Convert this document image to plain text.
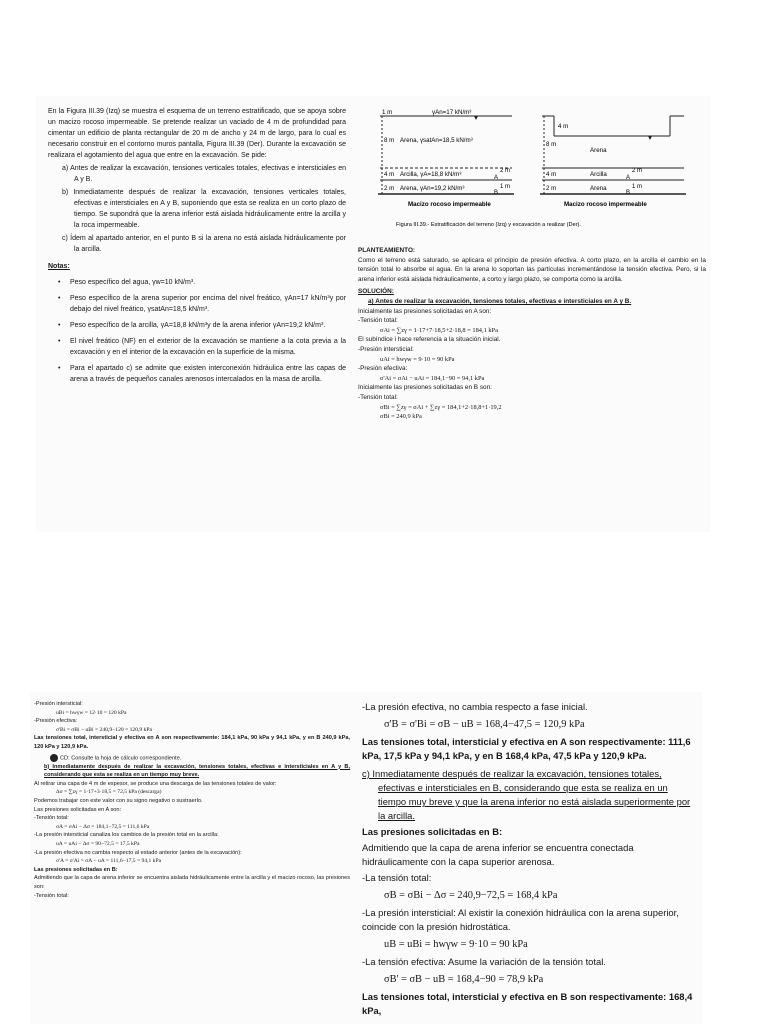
En la Figura III.39 (Izq) se muestra el esquema de un terreno estratificado, que se apoya sobre un macizo rocoso impermeable. Se pretende realizar un vaciado de 4 m de profundidad para cimentar un edificio de planta rectangular de 20 m de ancho y 24 m de largo, para lo cual es necesario construir en el contorno muros pantalla, Figura III.39 (Der). Durante la excavación se realizara el agotamiento del agua que entre en la excavación. Se pide:

a) Antes de realizar la excavación, tensiones verticales totales, efectivas e intersticiales en A y B.

b) Inmediatamente después de realizar la excavación, tensiones verticales totales, efectivas e intersticiales en A y B, suponiendo que esta se realiza en un corto plazo de tiempo. Se supondrá que la arena inferior está aislada hidráulicamente entre la arcilla y la roca impermeable.

c) Ídem al apartado anterior, en el punto B si la arena no está aislada hidráulicamente por la arcilla.

Notas:

• Peso específico del agua, γw=10 kN/m³.
• Peso específico de la arena superior por encima del nivel freático, γAn=17 kN/m³y por debajo del nivel freático, γsatAn=18,5 kN/m³.
• Peso específico de la arcilla, γA=18,8 kN/m³y de la arena inferior γAn=19,2 kN/m³.
• El nivel freático (NF) en el exterior de la excavación se mantiene a la cota previa a la excavación y en el interior de la excavación en la superficie de la misma.
• Para el apartado c) se admite que existen interconexión hidráulica entre las capas de arena a través de pequeños canales arenosos intercalados en la masa de arcilla.
1 m	γAn=17 kN/m³
8 m Arena, γsatAn=18,5 kN/m³
4 m Arcilla, γA=18,8 kN/m³	2 m
A
2 m Arena, γAn=19,2 kN/m³	1 m
B
Macizo rocoso impermeable
4 m
8 m
Arena
4 m	Arcilla	2 m
A
2 m	Arena	1 m
B
Macizo rocoso impermeable
Figura III.39.- Estratificación del terreno (Izq) y excavación a realizar (Der).

PLANTEAMIENTO:

Como el terreno está saturado, se aplicara el principio de presión efectiva. A corto plazo, en la arcilla el cambio en la tensión total lo absorbe el agua. En la arena lo soportan las partículas incrementándose la tensión efectiva. Pero, si la arena inferior está aislada hidráulicamente, a corto y largo plazo, se comporta como la arcilla.

SOLUCIÓN:

a) Antes de realizar la excavación, tensiones totales, efectivas e intersticiales en A y B.

Inicialmente las presiones solicitadas en A son:

-Tensión total:

σAi = ∑zγ = 1·17+7·18,5+2·18,8 = 184,1 kPa

El subíndice i hace referencia a la situación inicial.

-Presión intersticial:

uAi = hwγw = 9·10 = 90 kPa

-Presión efectiva:

σ'Ai = σAi − uAi = 184,1−90 = 94,1 kPa

Inicialmente las presiones solicitadas en B son:

-Tensión total:

σBi = ∑zγ = σAi + ∑zγ = 184,1+2·18,8+1·19,2

σBi = 240,9 kPa

-Presión intersticial:

uBi = hwγw = 12·10 = 120 kPa

-Presión efectiva:

σ'Bi = σBi − uBi = 240,9−120 = 120,9 kPa

Las tensiones total, intersticial y efectiva en A son respectivamente: 184,1 kPa, 90 kPa y 94,1 kPa, y en B 240,9 kPa, 120 kPa y 120,9 kPa.

CD: Consulte la hoja de cálculo correspondiente.

b) Inmediatamente después de realizar la excavación, tensiones totales, efectivas e intersticiales en A y B, considerando que esta se realiza en un tiempo muy breve.

Al retirar una capa de 4 m de espesor, se produce una descarga de las tensiones totales de valor:

Δσ = ∑zγ = 1·17+3·18,5 = 72,5 kPa (descarga)

Podemos trabajar con este valor con su signo negativo o sustraerlo.

Las presiones solicitadas en A son:

-Tensión total:

σA = σAi − Δσ = 184,1−72,5 = 111,6 kPa

-La presión intersticial canaliza los cambios de la presión total en la arcilla:

uA = uAi − Δσ = 90−72,5 = 17,5 kPa

-La presión efectiva no cambia respecto al estado anterior (antes de la excavación):

σ'A = σ'Ai = σA − uA = 111,6−17,5 = 94,1 kPa

Las presiones solicitadas en B:

Admitiendo que la capa de arena inferior se encuentra aislada hidráulicamente entre la arcilla y el macizo rocoso, las presiones son:

-Tensión total:

-La presión efectiva, no cambia respecto a fase inicial.

σ'B = σ'Bi = σB − uB = 168,4−47,5 = 120,9 kPa

Las tensiones total, intersticial y efectiva en A son respectivamente: 111,6 kPa, 17,5 kPa y 94,1 kPa, y en B 168,4 kPa, 47,5 kPa y 120,9 kPa.

c) Inmediatamente después de realizar la excavación, tensiones totales, efectivas e intersticiales en B, considerando que esta se realiza en un tiempo muy breve y que la arena inferior no está aislada superiormente por la arcilla.

Las presiones solicitadas en B:

Admitiendo que la capa de arena inferior se encuentra conectada hidráulicamente con la capa superior arenosa.

-La tensión total:

σB = σBi − Δσ = 240,9−72,5 = 168,4 kPa

-La presión intersticial: Al existir la conexión hidráulica con la arena superior, coincide con la presión hidrostática.

uB = uBi = hwγw = 9·10 = 90 kPa

-La tensión efectiva: Asume la variación de la tensión total.

σB' = σB − uB = 168,4−90 = 78,9 kPa

Las tensiones total, intersticial y efectiva en B son respectivamente: 168,4 kPa,
